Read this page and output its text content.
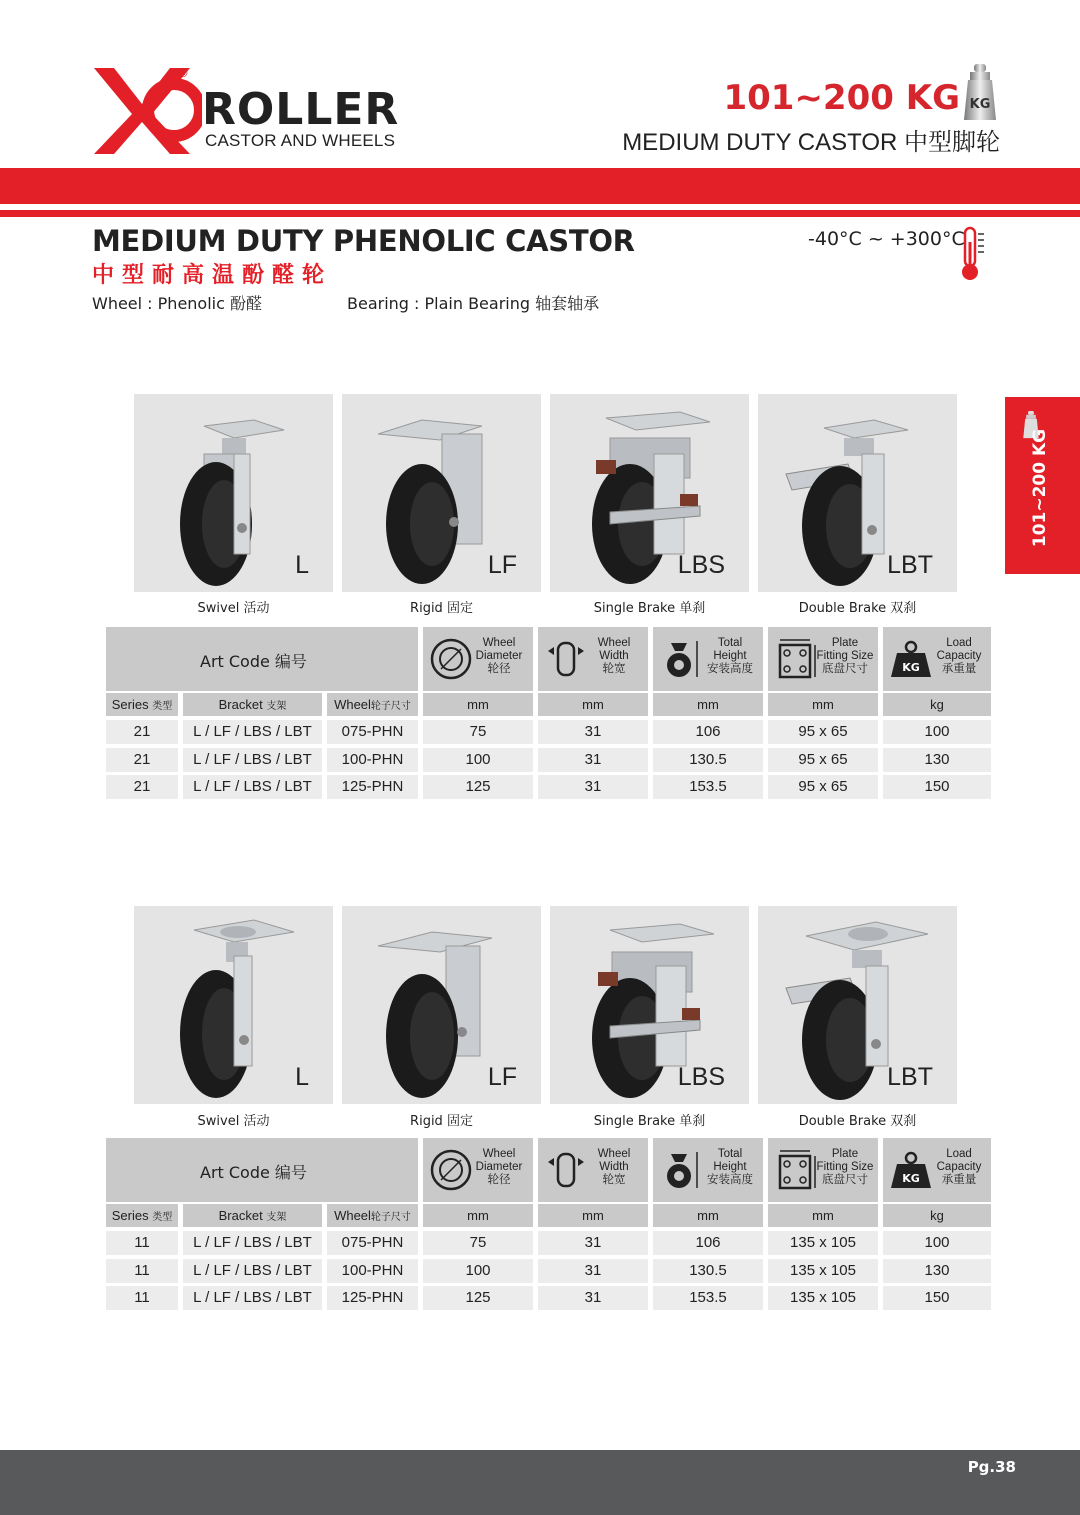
®
ROLLER
CASTOR AND WHEELS
101~200 KG KG
MEDIUM DUTY CASTOR 中型脚轮
MEDIUM DUTY PHENOLIC CASTOR
中型耐高温酚醛轮
Wheel : Phenolic 酚醛	Bearing : Plain Bearing 轴套轴承
-40°C ~ +300°C
101~200 KG
L	LF	LBS	LBT
Swivel 活动	Rigid 固定	Single Brake 单刹	Double Brake 双刹
Art Code 编号
Wheel
Diameter
轮径
Wheel
Width
轮宽
Total
Height
安装高度
Plate
Fitting Size
底盘尺寸	KG
Load
Capacity
承重量
Series 类型	Bracket 支架	Wheel轮子尺寸	mm	mm	mm	mm	kg
21	L / LF / LBS / LBT	075-PHN	75	31	106	95 x 65	100
21	L / LF / LBS / LBT	100-PHN	100	31	130.5	95 x 65	130
21	L / LF / LBS / LBT	125-PHN	125	31	153.5	95 x 65	150
L	LF	LBS	LBT
Swivel 活动	Rigid 固定	Single Brake 单刹	Double Brake 双刹
Art Code 编号
Wheel
Diameter
轮径
Wheel
Width
轮宽
Total
Height
安装高度
Plate
Fitting Size
底盘尺寸	KG
Load
Capacity
承重量
Series 类型	Bracket 支架	Wheel轮子尺寸	mm	mm	mm	mm	kg
11	L / LF / LBS / LBT	075-PHN	75	31	106	135 x 105	100
11	L / LF / LBS / LBT	100-PHN	100	31	130.5	135 x 105	130
11	L / LF / LBS / LBT	125-PHN	125	31	153.5	135 x 105	150
Pg.38
